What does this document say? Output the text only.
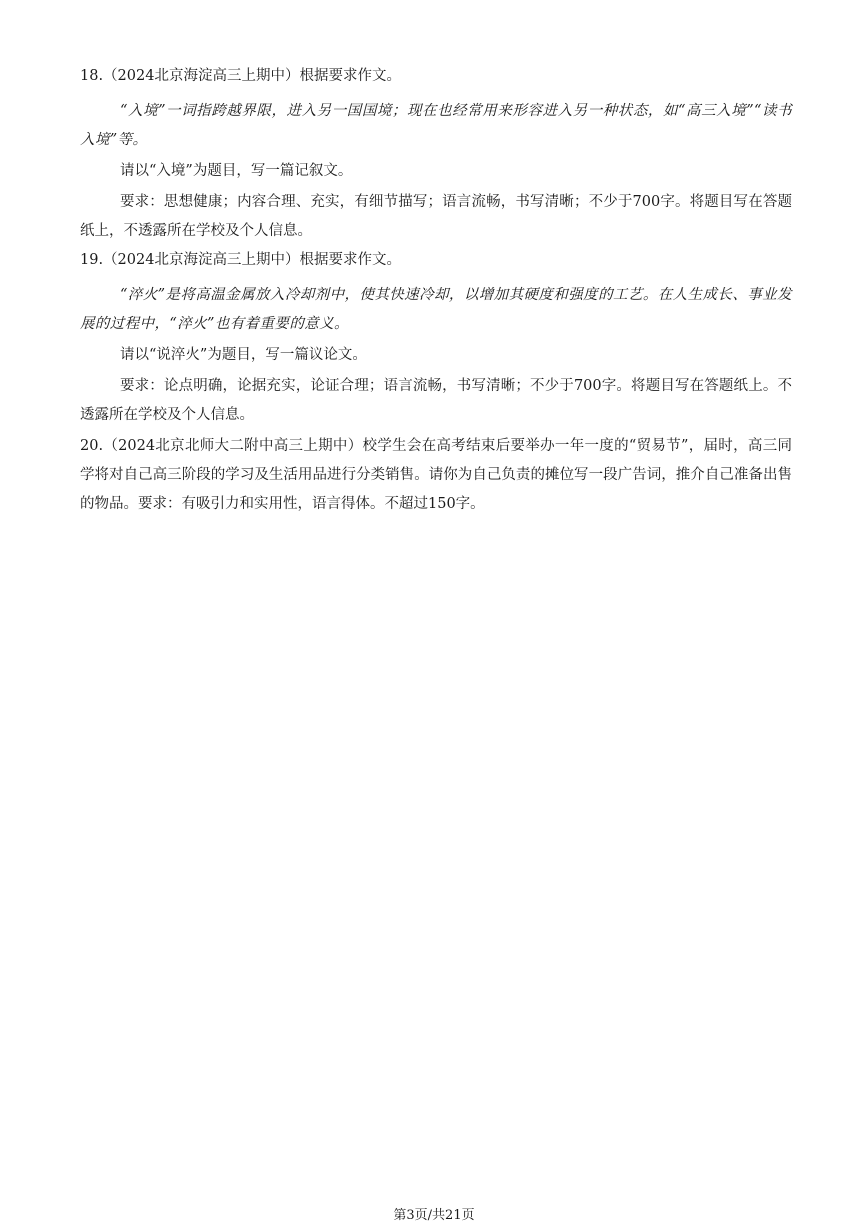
18.（2024北京海淀高三上期中）根据要求作文。

“入境”一词指跨越界限，进入另一国国境；现在也经常用来形容进入另一种状态，如“高三入境”“读书入境”等。

请以“入境”为题目，写一篇记叙文。

要求：思想健康；内容合理、充实，有细节描写；语言流畅，书写清晰；不少于700字。将题目写在答题纸上，不透露所在学校及个人信息。

19.（2024北京海淀高三上期中）根据要求作文。

“淬火”是将高温金属放入冷却剂中，使其快速冷却，以增加其硬度和强度的工艺。在人生成长、事业发展的过程中，“淬火”也有着重要的意义。

请以“说淬火”为题目，写一篇议论文。

要求：论点明确，论据充实，论证合理；语言流畅，书写清晰；不少于700字。将题目写在答题纸上。不透露所在学校及个人信息。

20.（2024北京北师大二附中高三上期中）校学生会在高考结束后要举办一年一度的“贸易节”，届时，高三同学将对自己高三阶段的学习及生活用品进行分类销售。请你为自己负责的摊位写一段广告词，推介自己准备出售的物品。要求：有吸引力和实用性，语言得体。不超过150字。

第3页/共21页
